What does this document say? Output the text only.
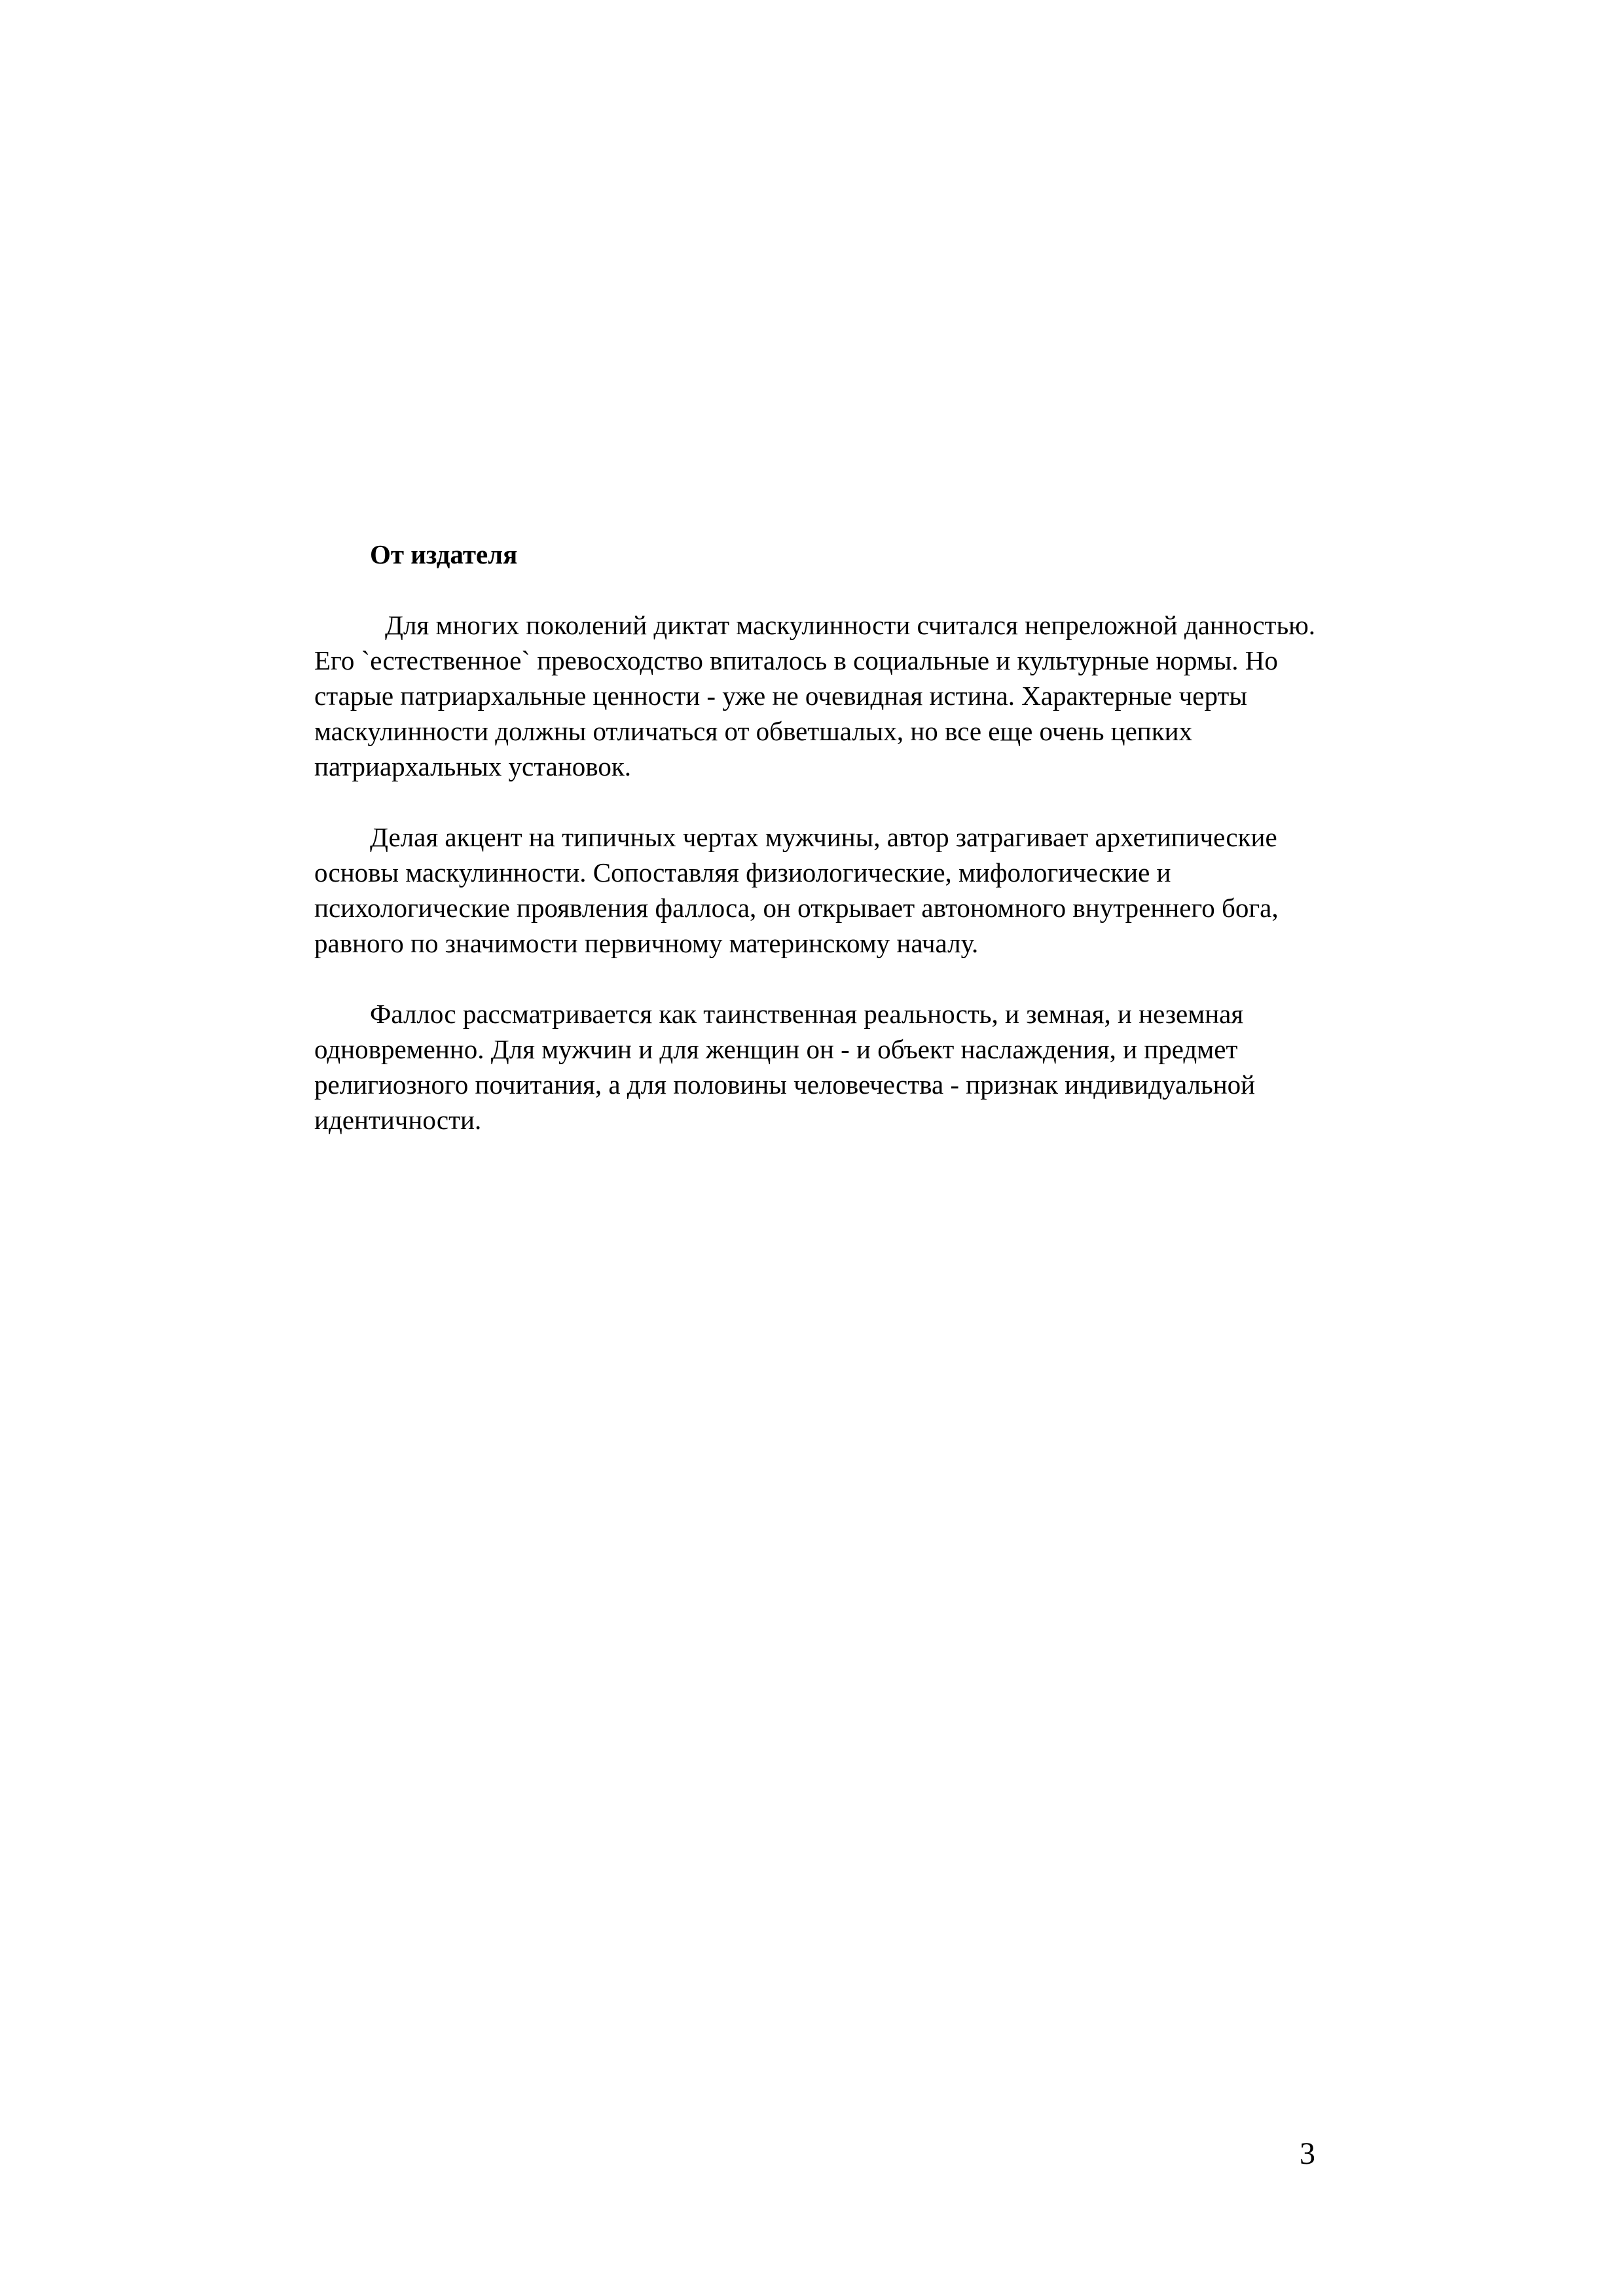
От издателя

Для многих поколений диктат маскулинности считался непреложной данностью. Его `естественное` превосходство впиталось в социальные и культурные нормы. Но старые патриархальные ценности - уже не очевидная истина. Характерные черты маскулинности должны отличаться от обветшалых, но все еще очень цепких патриархальных установок.

Делая акцент на типичных чертах мужчины, автор затрагивает архетипические основы маскулинности. Сопоставляя физиологические, мифологические и психологические проявления фаллоса, он открывает автономного внутреннего бога, равного по значимости первичному материнскому началу.

Фаллос рассматривается как таинственная реальность, и земная, и неземная одновременно. Для мужчин и для женщин он - и объект наслаждения, и предмет религиозного почитания, а для половины человечества - признак индивидуальной идентичности.

3
